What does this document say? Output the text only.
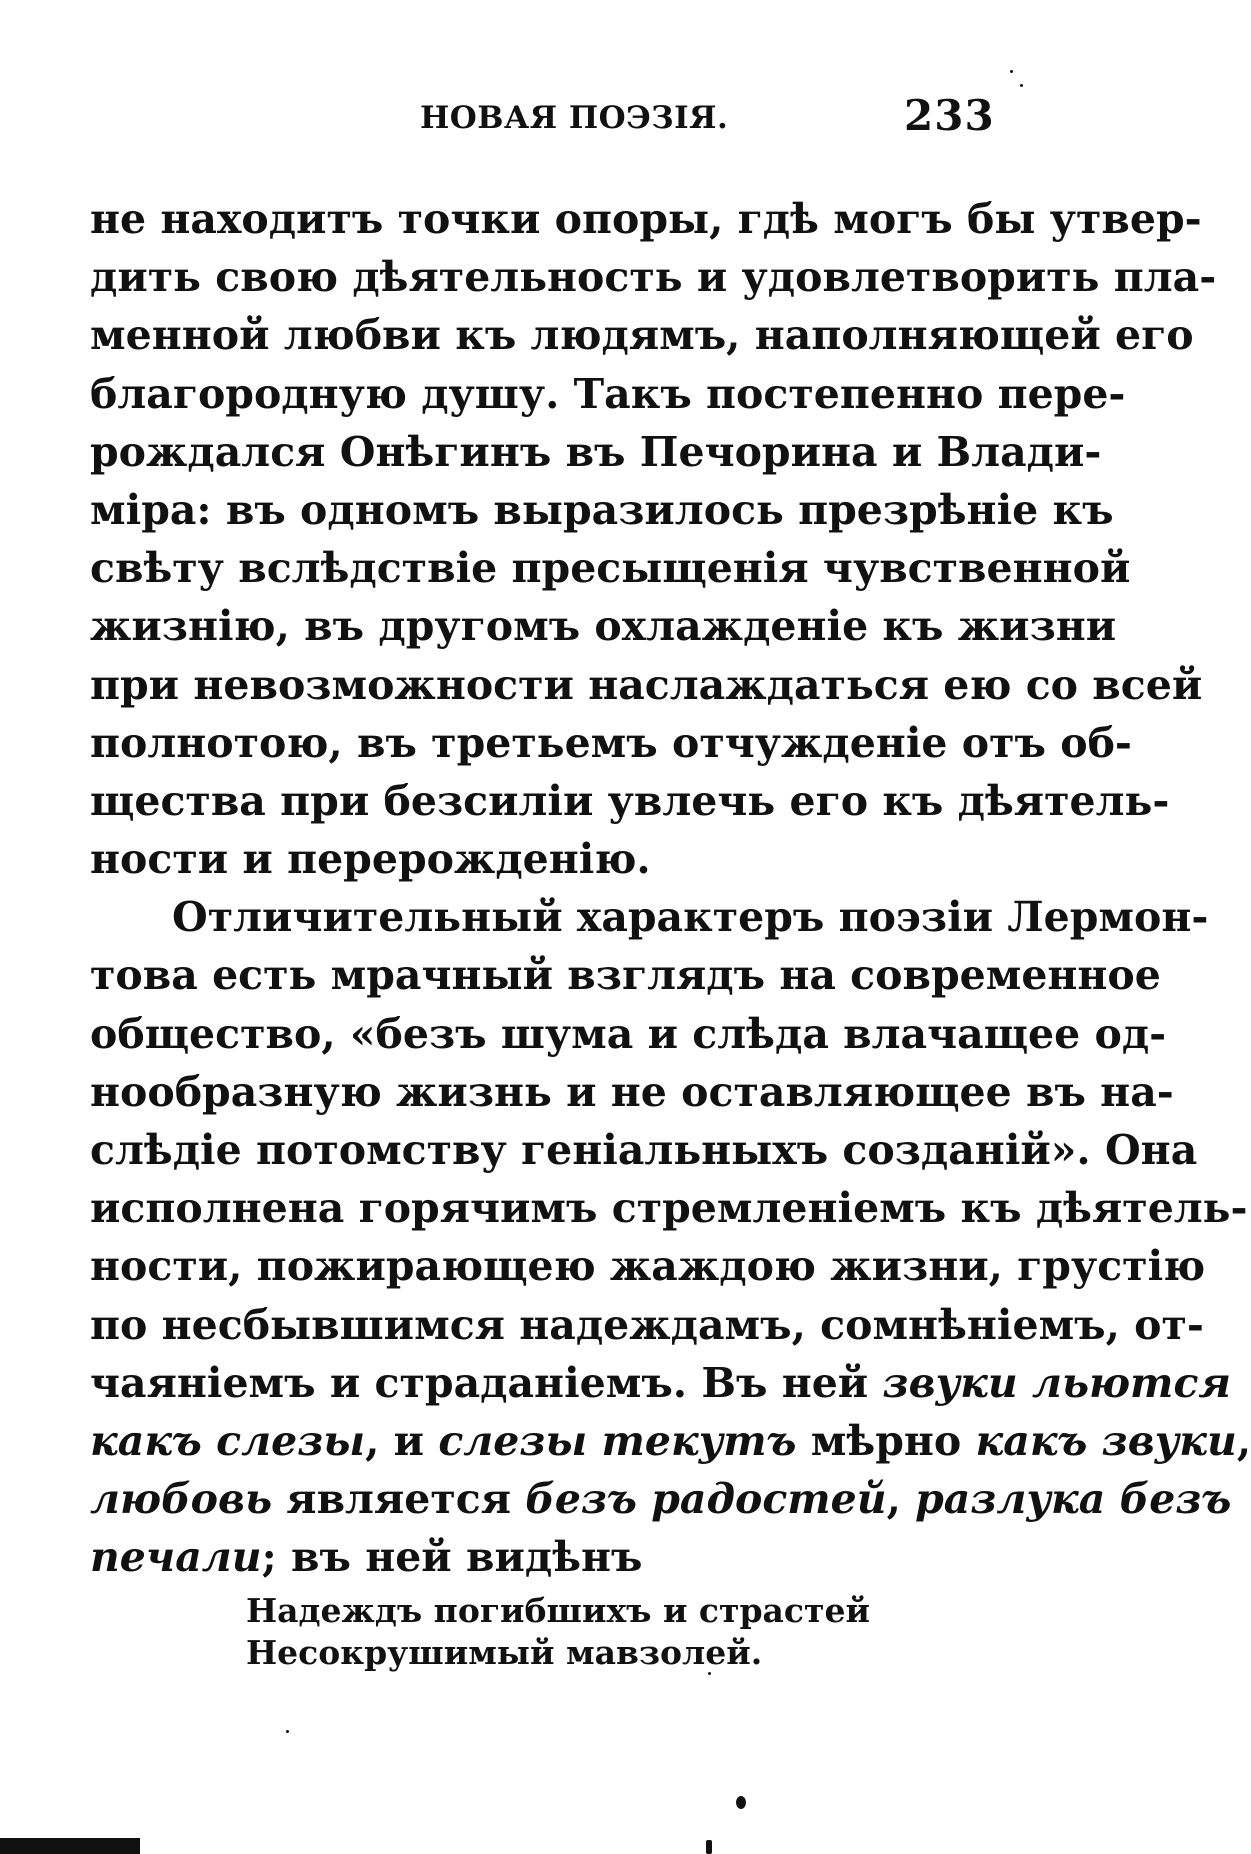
НОВАЯ ПОЭЗІЯ.	233
не находитъ точки опоры, гдѣ могъ бы утвер-
дить свою дѣятельность и удовлетворить пла-
менной любви къ людямъ, наполняющей его
благородную душу. Такъ постепенно пере-
рождался Онѣгинъ въ Печорина и Влади-
міра: въ одномъ выразилось презрѣніе къ
свѣту вслѣдствіе пресыщенія чувственной
жизнію, въ другомъ охлажденіе къ жизни
при невозможности наслаждаться ею со всей
полнотою, въ третьемъ отчужденіе отъ об-
щества при безсиліи увлечь его къ дѣятель-
ности и перерожденію.
Отличительный характеръ поэзіи Лермон-
това есть мрачный взглядъ на современное
общество, «безъ шума и слѣда влачащее од-
нообразную жизнь и не оставляющее въ на-
слѣдіе потомству геніальныхъ созданій». Она
исполнена горячимъ стремленіемъ къ дѣятель-
ности, пожирающею жаждою жизни, грустію
по несбывшимся надеждамъ, сомнѣніемъ, от-
чаяніемъ и страданіемъ. Въ ней звуки льются
какъ слезы, и слезы текутъ мѣрно какъ звуки,
любовь является безъ радостей, разлука безъ
печали; въ ней видѣнъ
Надеждъ погибшихъ и страстей
Несокрушимый мавзолей.
